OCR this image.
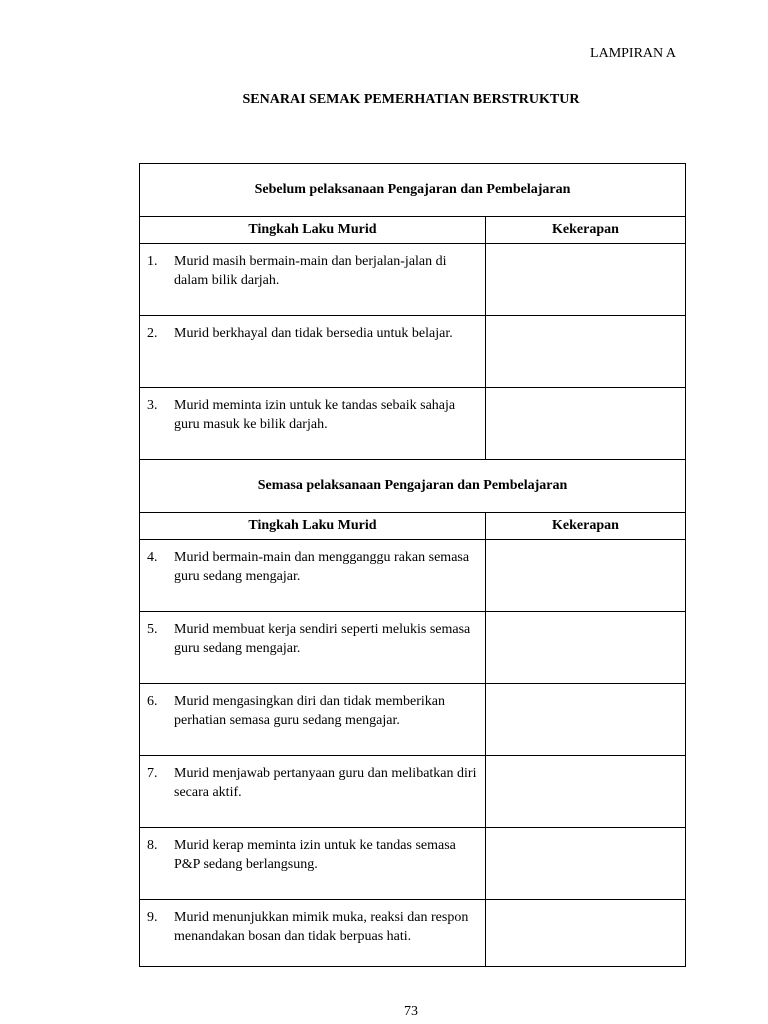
LAMPIRAN A
SENARAI SEMAK PEMERHATIAN BERSTRUKTUR
Sebelum pelaksanaan Pengajaran dan Pembelajaran	
Tingkah Laku Murid	Kekerapan

1. Murid masih bermain-main dan berjalan-jalan di dalam bilik darjah.	

2. Murid berkhayal dan tidak bersedia untuk belajar.	

3. Murid meminta izin untuk ke tandas sebaik sahaja guru masuk ke bilik darjah.	

Semasa pelaksanaan Pengajaran dan Pembelajaran	
Tingkah Laku Murid	Kekerapan

4. Murid bermain-main dan mengganggu rakan semasa guru sedang mengajar.	

5. Murid membuat kerja sendiri seperti melukis semasa guru sedang mengajar.	

6. Murid mengasingkan diri dan tidak memberikan perhatian semasa guru sedang mengajar.	

7. Murid menjawab pertanyaan guru dan melibatkan diri secara aktif.	

8. Murid kerap meminta izin untuk ke tandas semasa P&P sedang berlangsung.	

9. Murid menunjukkan mimik muka, reaksi dan respon menandakan bosan dan tidak berpuas hati.	

73
